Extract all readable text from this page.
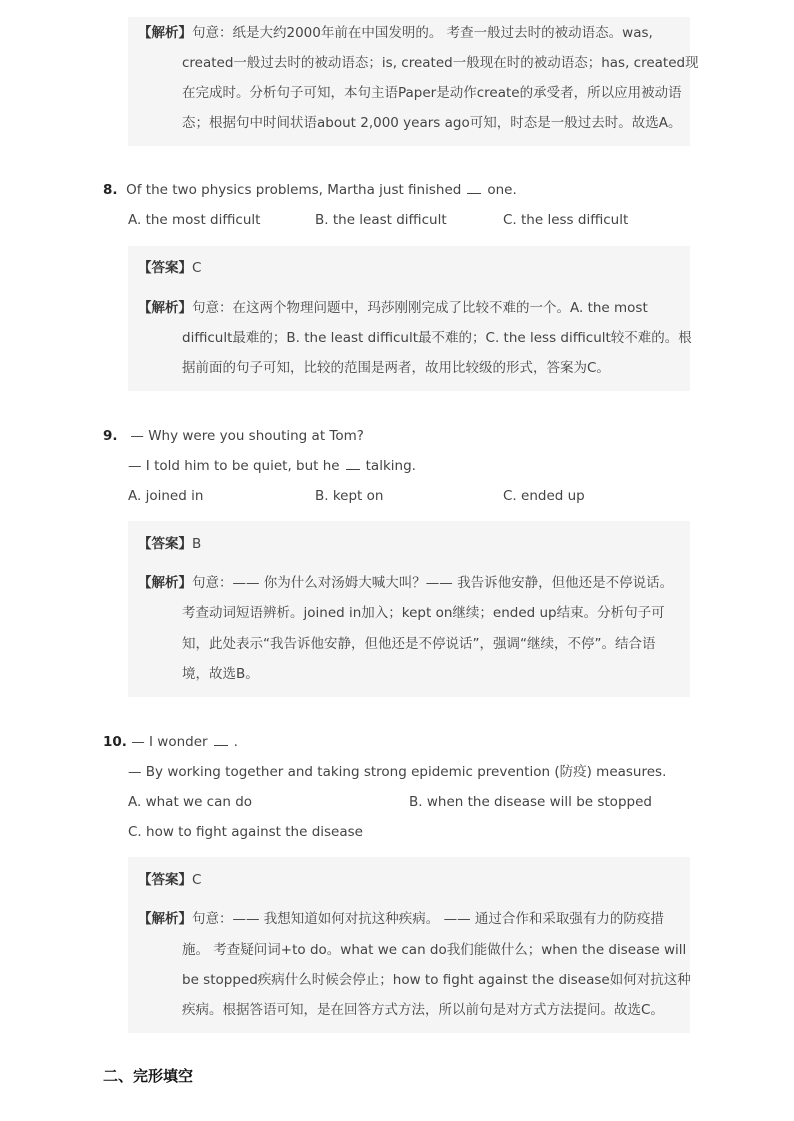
【解析】句意：纸是大约2000年前在中国发明的。 考查一般过去时的被动语态。was,
created一般过去时的被动语态；is, created一般现在时的被动语态；has, created现
在完成时。分析句子可知，本句主语Paper是动作create的承受者，所以应用被动语
态；根据句中时间状语about 2,000 years ago可知，时态是一般过去时。故选A。
8. Of the two physics problems, Martha just finished one.
A. the most difficult	B. the least difficult	C. the less difficult
【答案】C
【解析】句意：在这两个物理问题中，玛莎刚刚完成了比较不难的一个。A. the most
difficult最难的；B. the least difficult最不难的；C. the less difficult较不难的。根
据前面的句子可知，比较的范围是两者，故用比较级的形式，答案为C。
9. — Why were you shouting at Tom?
— I told him to be quiet, but he talking.
A. joined in	B. kept on	C. ended up
【答案】B
【解析】句意：—— 你为什么对汤姆大喊大叫？—— 我告诉他安静，但他还是不停说话。
考查动词短语辨析。joined in加入；kept on继续；ended up结束。分析句子可
知，此处表示“我告诉他安静，但他还是不停说话”，强调“继续，不停”。结合语
境，故选B。
10. — I wonder .
— By working together and taking strong epidemic prevention (防疫) measures.
A. what we can do	B. when the disease will be stopped
C. how to fight against the disease
【答案】C
【解析】句意：—— 我想知道如何对抗这种疾病。 —— 通过合作和采取强有力的防疫措
施。 考查疑问词+to do。what we can do我们能做什么；when the disease will
be stopped疾病什么时候会停止；how to fight against the disease如何对抗这种
疾病。根据答语可知，是在回答方式方法，所以前句是对方式方法提问。故选C。
二、完形填空
